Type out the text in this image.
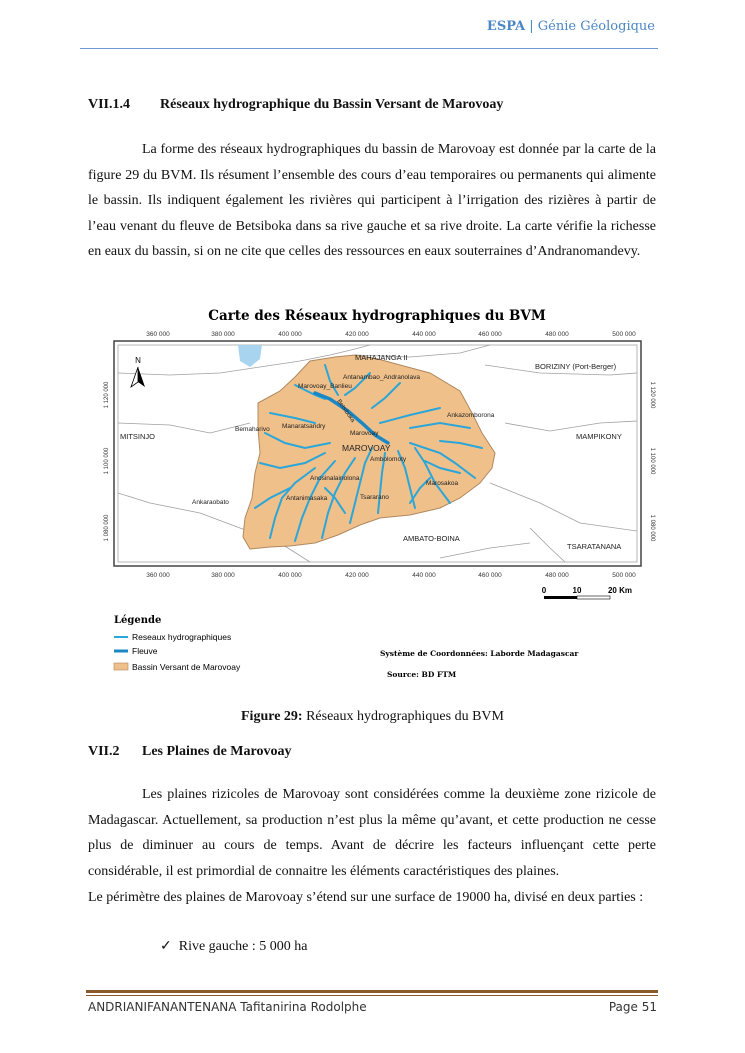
ESPA | Génie Géologique
VII.1.4 Réseaux hydrographique du Bassin Versant de Marovoay
La forme des réseaux hydrographiques du bassin de Marovoay est donnée par la carte de la figure 29 du BVM. Ils résument l’ensemble des cours d’eau temporaires ou permanents qui alimente le bassin. Ils indiquent également les rivières qui participent à l’irrigation des rizières à partir de l’eau venant du fleuve de Betsiboka dans sa rive gauche et sa rive droite. La carte vérifie la richesse en eaux du bassin, si on ne cite que celles des ressources en eaux souterraines d’Andranomandevy.
Carte des Réseaux hydrographiques du BVM
360 000	380 000	400 000	420 000	440 000	460 000	480 000	500 000
N
1 120 000
1 100 000
1 080 000
1 120 000
1 100 000
1 080 000
MAHAJANGA II
BORIZINY (Port-Berger)
Antanambao_Andranolava
Marovoay_Banlieu
Ankazomborona
MITSINJO
Bemaharivo Manaratsandry
Marovoay
MAROVOAY
Ambolomoty
MAMPIKONY
Anosinalainolona
Marosakoa
Ankaraobato
Antanimasaka	Tsararano
AMBATO-BOINA
TSARATANANA
Betsiboka
360 000	380 000	400 000	420 000	440 000	460 000	480 000	500 000
0	10	20 Km
Légende
Reseaux hydrographiques
Fleuve
Bassin Versant de Marovoay
Système de Coordonnées: Laborde Madagascar
Source: BD FTM
Figure 29: Réseaux hydrographiques du BVM
VII.2 Les Plaines de Marovoay
Les plaines rizicoles de Marovoay sont considérées comme la deuxième zone rizicole de Madagascar. Actuellement, sa production n’est plus la même qu’avant, et cette production ne cesse plus de diminuer au cours de temps. Avant de décrire les facteurs influençant cette perte considérable, il est primordial de connaitre les éléments caractéristiques des plaines.
Le périmètre des plaines de Marovoay s’étend sur une surface de 19000 ha, divisé en deux parties :
✓ Rive gauche : 5 000 ha
ANDRIANIFANANTENANA Tafitanirina Rodolphe	Page 51
